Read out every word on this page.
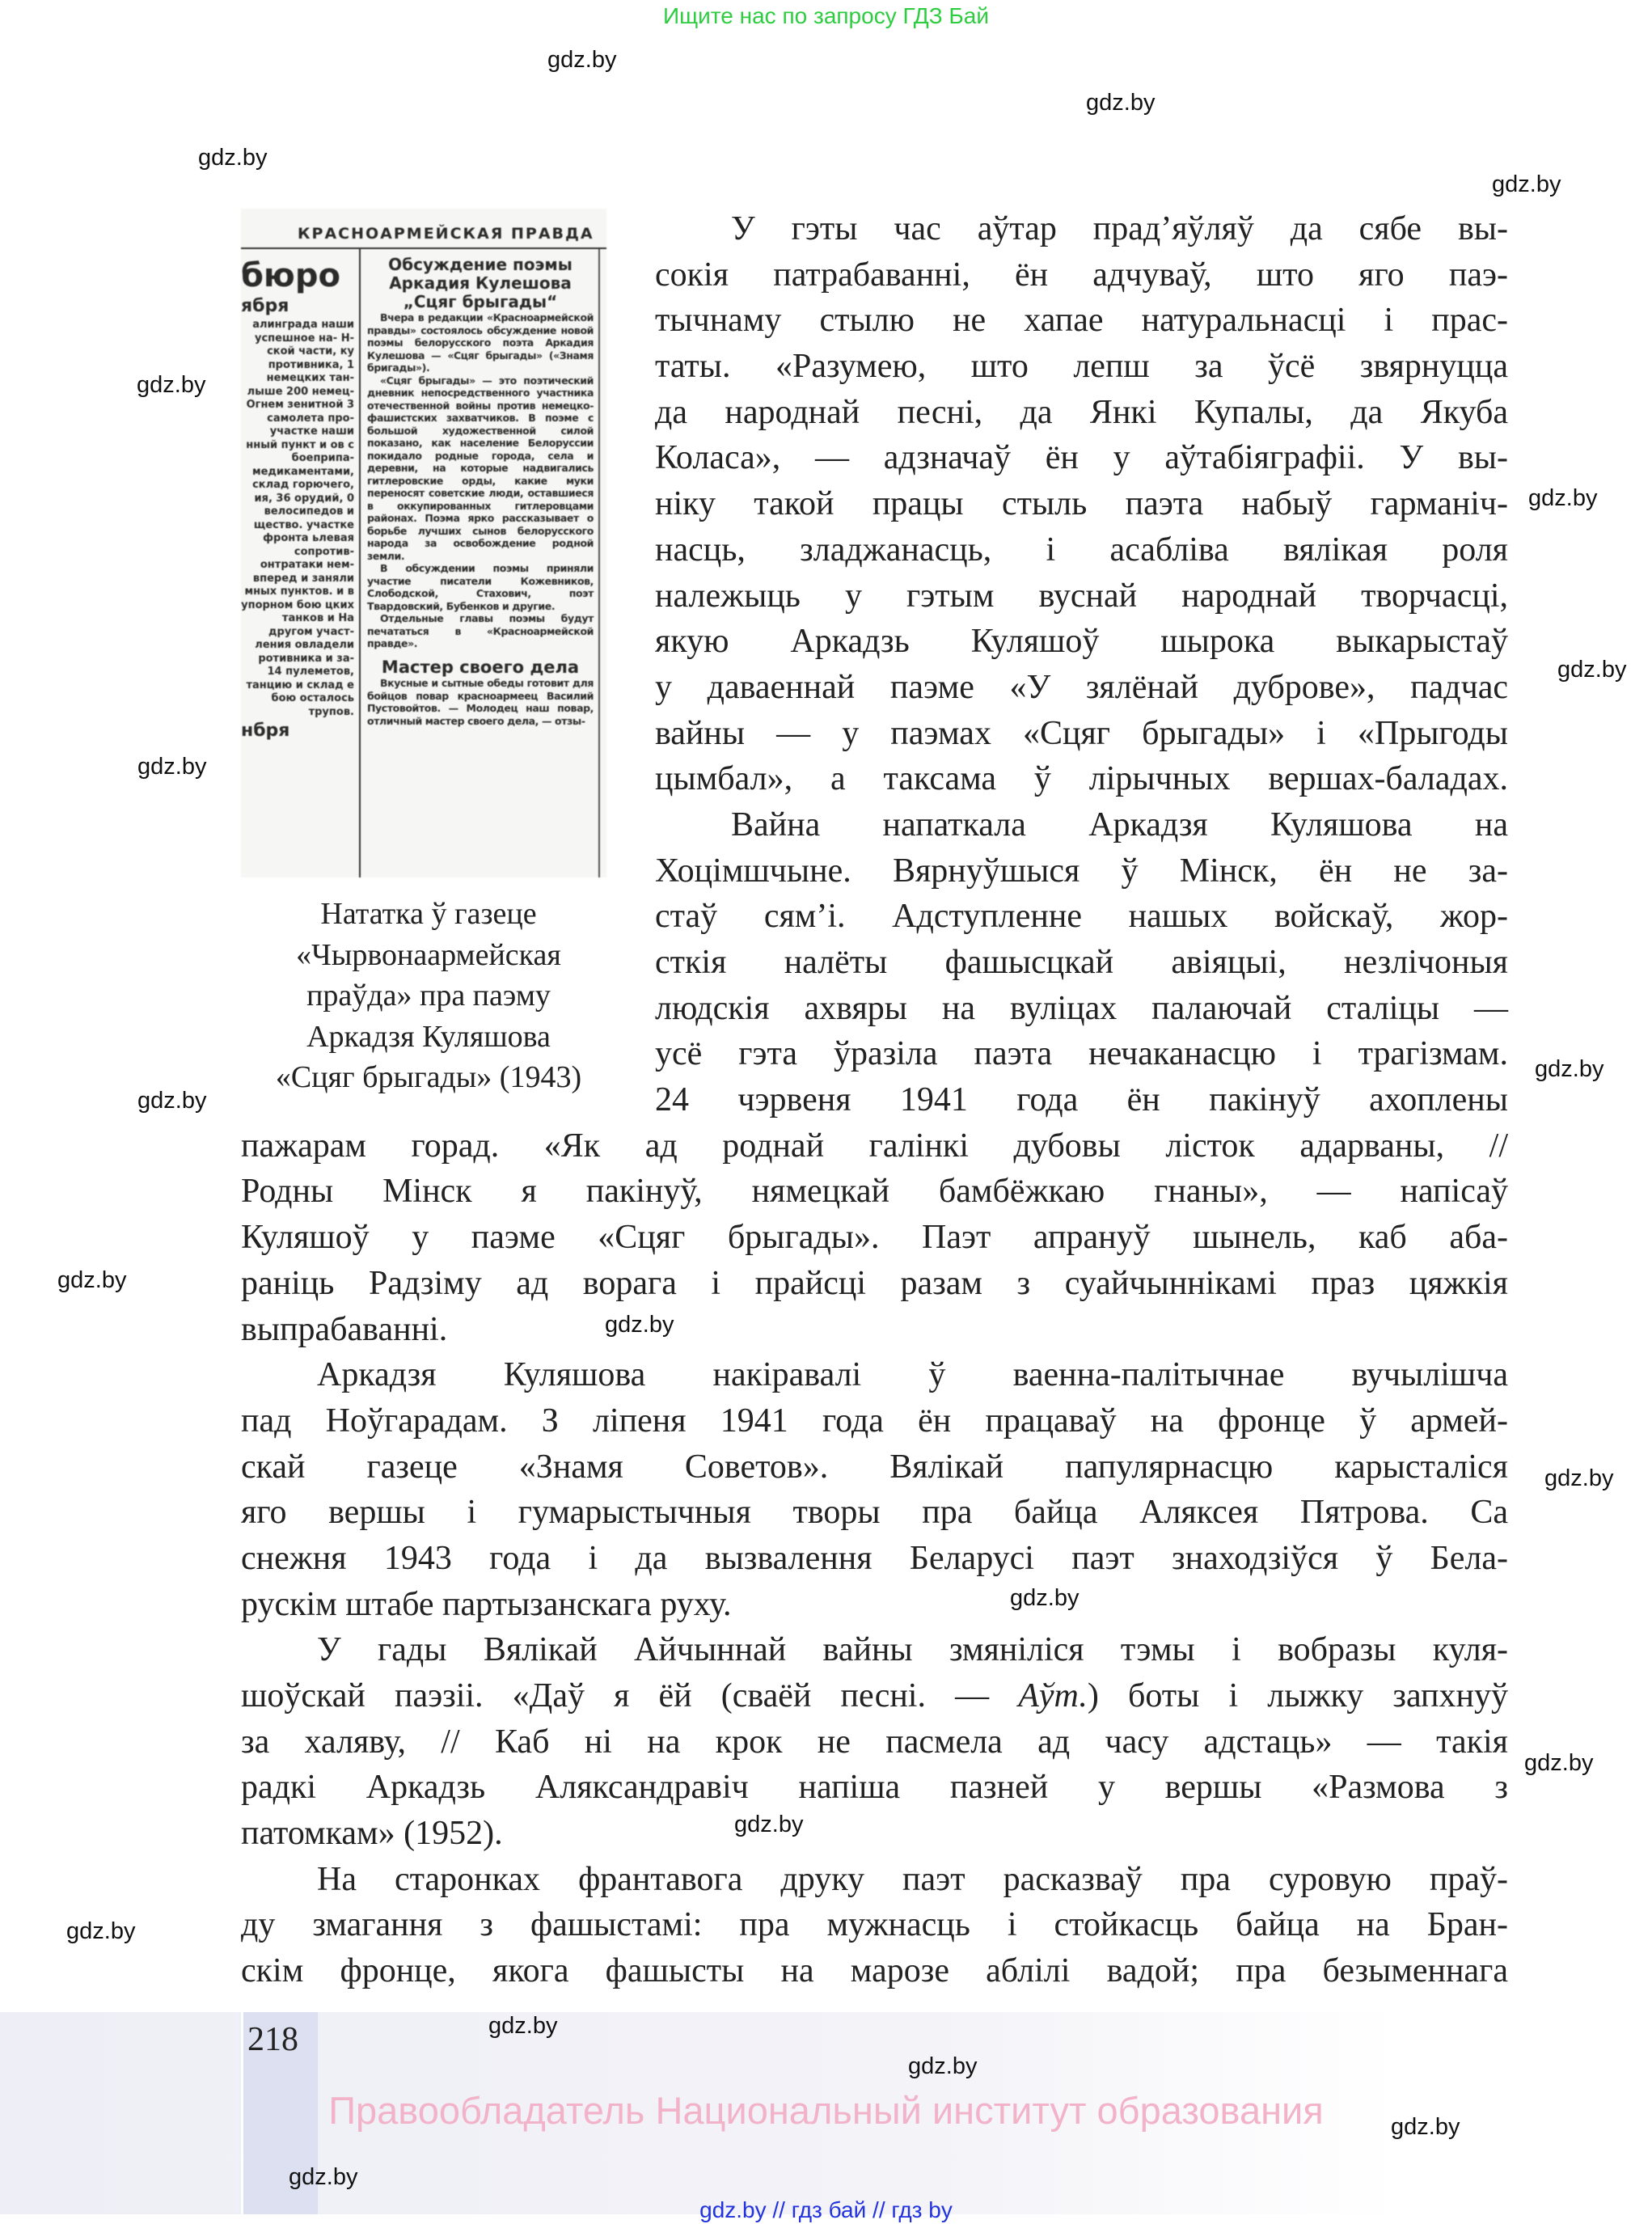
Ищите нас по запросу ГДЗ Бай
КРАСНОАРМЕЙСКАЯ ПРАВДА
бюро
ября
алинграда наши успешное на- Н-ской части, ку противника, 1 немецких тан- лыше 200 немец- Огнем зенитной 3 самолета про- участке наши нный пункт и ов с боеприпа- медикаментами, склад горючего, ия, 36 орудий, 0 велосипедов и щество. участке фронта ьлевая сопротив- онтратаки нем- вперед и заняли мных пунктов. и в упорном бою цких танков и На другом участ- ления овладели ротивника и за- 14 пулеметов, танцию и склад е бою осталось трупов.
нбря
Обсуждение поэмы Аркадия Кулешова „Сцяг брыгады“

Вчера в редакции «Красноармейской правды» состоялось обсуждение новой поэмы белорусского поэта Аркадия Кулешова — «Сцяг брыгады» («Знамя бригады»).

«Сцяг брыгады» — это поэтический дневник непосредственного участника отечественной войны против немецко-фашистских захватчиков. В поэме с большой художественной силой показано, как население Белоруссии покидало родные города, села и деревни, на которые надвигались гитлеровские орды, какие муки переносят советские люди, оставшиеся в оккупированных гитлеровцами районах. Поэма ярко рассказывает о борьбе лучших сынов белорусского народа за освобождение родной земли.

В обсуждении поэмы приняли участие писатели Кожевников, Слободской, Стахович, поэт Твардовский, Бубенков и другие.

Отдельные главы поэмы будут печататься в «Красноармейской правде».

Мастер своего дела

Вкусные и сытные обеды готовит для бойцов повар красноармеец Василий Пустовойтов. — Молодец наш повар, отличный мастер своего дела, — отзы-

Нататка ў газеце
«Чырвонаармейская
праўда» пра паэму
Аркадзя Куляшова
«Сцяг брыгады» (1943)
У гэты час аўтар прад’яўляў да сябе вы-
сокія патрабаванні, ён адчуваў, што яго паэ-
тычнаму стылю не хапае натуральнасці і прас-
таты. «Разумею, што лепш за ўсё звярнуцца
да народнай песні, да Янкі Купалы, да Якуба
Коласа», — адзначаў ён у аўтабіяграфіі. У вы-
ніку такой працы стыль паэта набыў гарманіч-
насць, зладжанасць, і асабліва вялікая роля
належыць у гэтым вуснай народнай творчасці,
якую Аркадзь Куляшоў шырока выкарыстаў
у даваеннай паэме «У зялёнай дуброве», падчас
вайны — у паэмах «Сцяг брыгады» і «Прыгоды
цымбал», а таксама ў лірычных вершах-баладах.
Вайна напаткала Аркадзя Куляшова на
Хоцімшчыне. Вярнуўшыся ў Мінск, ён не за-
стаў сям’і. Адступленне нашых войскаў, жор-
сткія налёты фашысцкай авіяцыі, незлічоныя
людскія ахвяры на вуліцах палаючай сталіцы —
усё гэта ўразіла паэта нечаканасцю і трагізмам.
24 чэрвеня 1941 года ён пакінуў ахоплены
пажарам горад. «Як ад роднай галінкі дубовы лісток адарваны, //
Родны Мінск я пакінуў, нямецкай бамбёжкаю гнаны», — напісаў
Куляшоў у паэме «Сцяг брыгады». Паэт апрануў шынель, каб аба-
раніць Радзіму ад ворага і прайсці разам з суайчыннікамі праз цяжкія
выпрабаванні.
Аркадзя Куляшова накіравалі ў ваенна-палітычнае вучылішча
пад Ноўгарадам. З ліпеня 1941 года ён працаваў на фронце ў армей-
скай газеце «Знамя Советов». Вялікай папулярнасцю карысталіся
яго вершы і гумарыстычныя творы пра байца Аляксея Пятрова. Са
снежня 1943 года і да вызвалення Беларусі паэт знаходзіўся ў Бела-
рускім штабе партызанскага руху.
У гады Вялікай Айчыннай вайны змяніліся тэмы і вобразы куля-
шоўскай паэзіі. «Даў я ёй (сваёй песні. — Аўт.) боты і лыжку запхнуў
за халяву, // Каб ні на крок не пасмела ад часу адстаць» — такія
радкі Аркадзь Аляксандравіч напіша пазней у вершы «Размова з
патомкам» (1952).
На старонках франтавога друку паэт расказваў пра суровую праў-
ду змагання з фашыстамі: пра мужнасць і стойкасць байца на Бран-
скім фронце, якога фашысты на марозе аблілі вадой; пра безыменнага
218
Правообладатель Национальный институт образования
gdz.by // гдз бай // гдз by
gdz.by
gdz.by
gdz.by
gdz.by
gdz.by
gdz.by
gdz.by
gdz.by
gdz.by
gdz.by
gdz.by
gdz.by
gdz.by
gdz.by
gdz.by
gdz.by
gdz.by
gdz.by
gdz.by
gdz.by
gdz.by
